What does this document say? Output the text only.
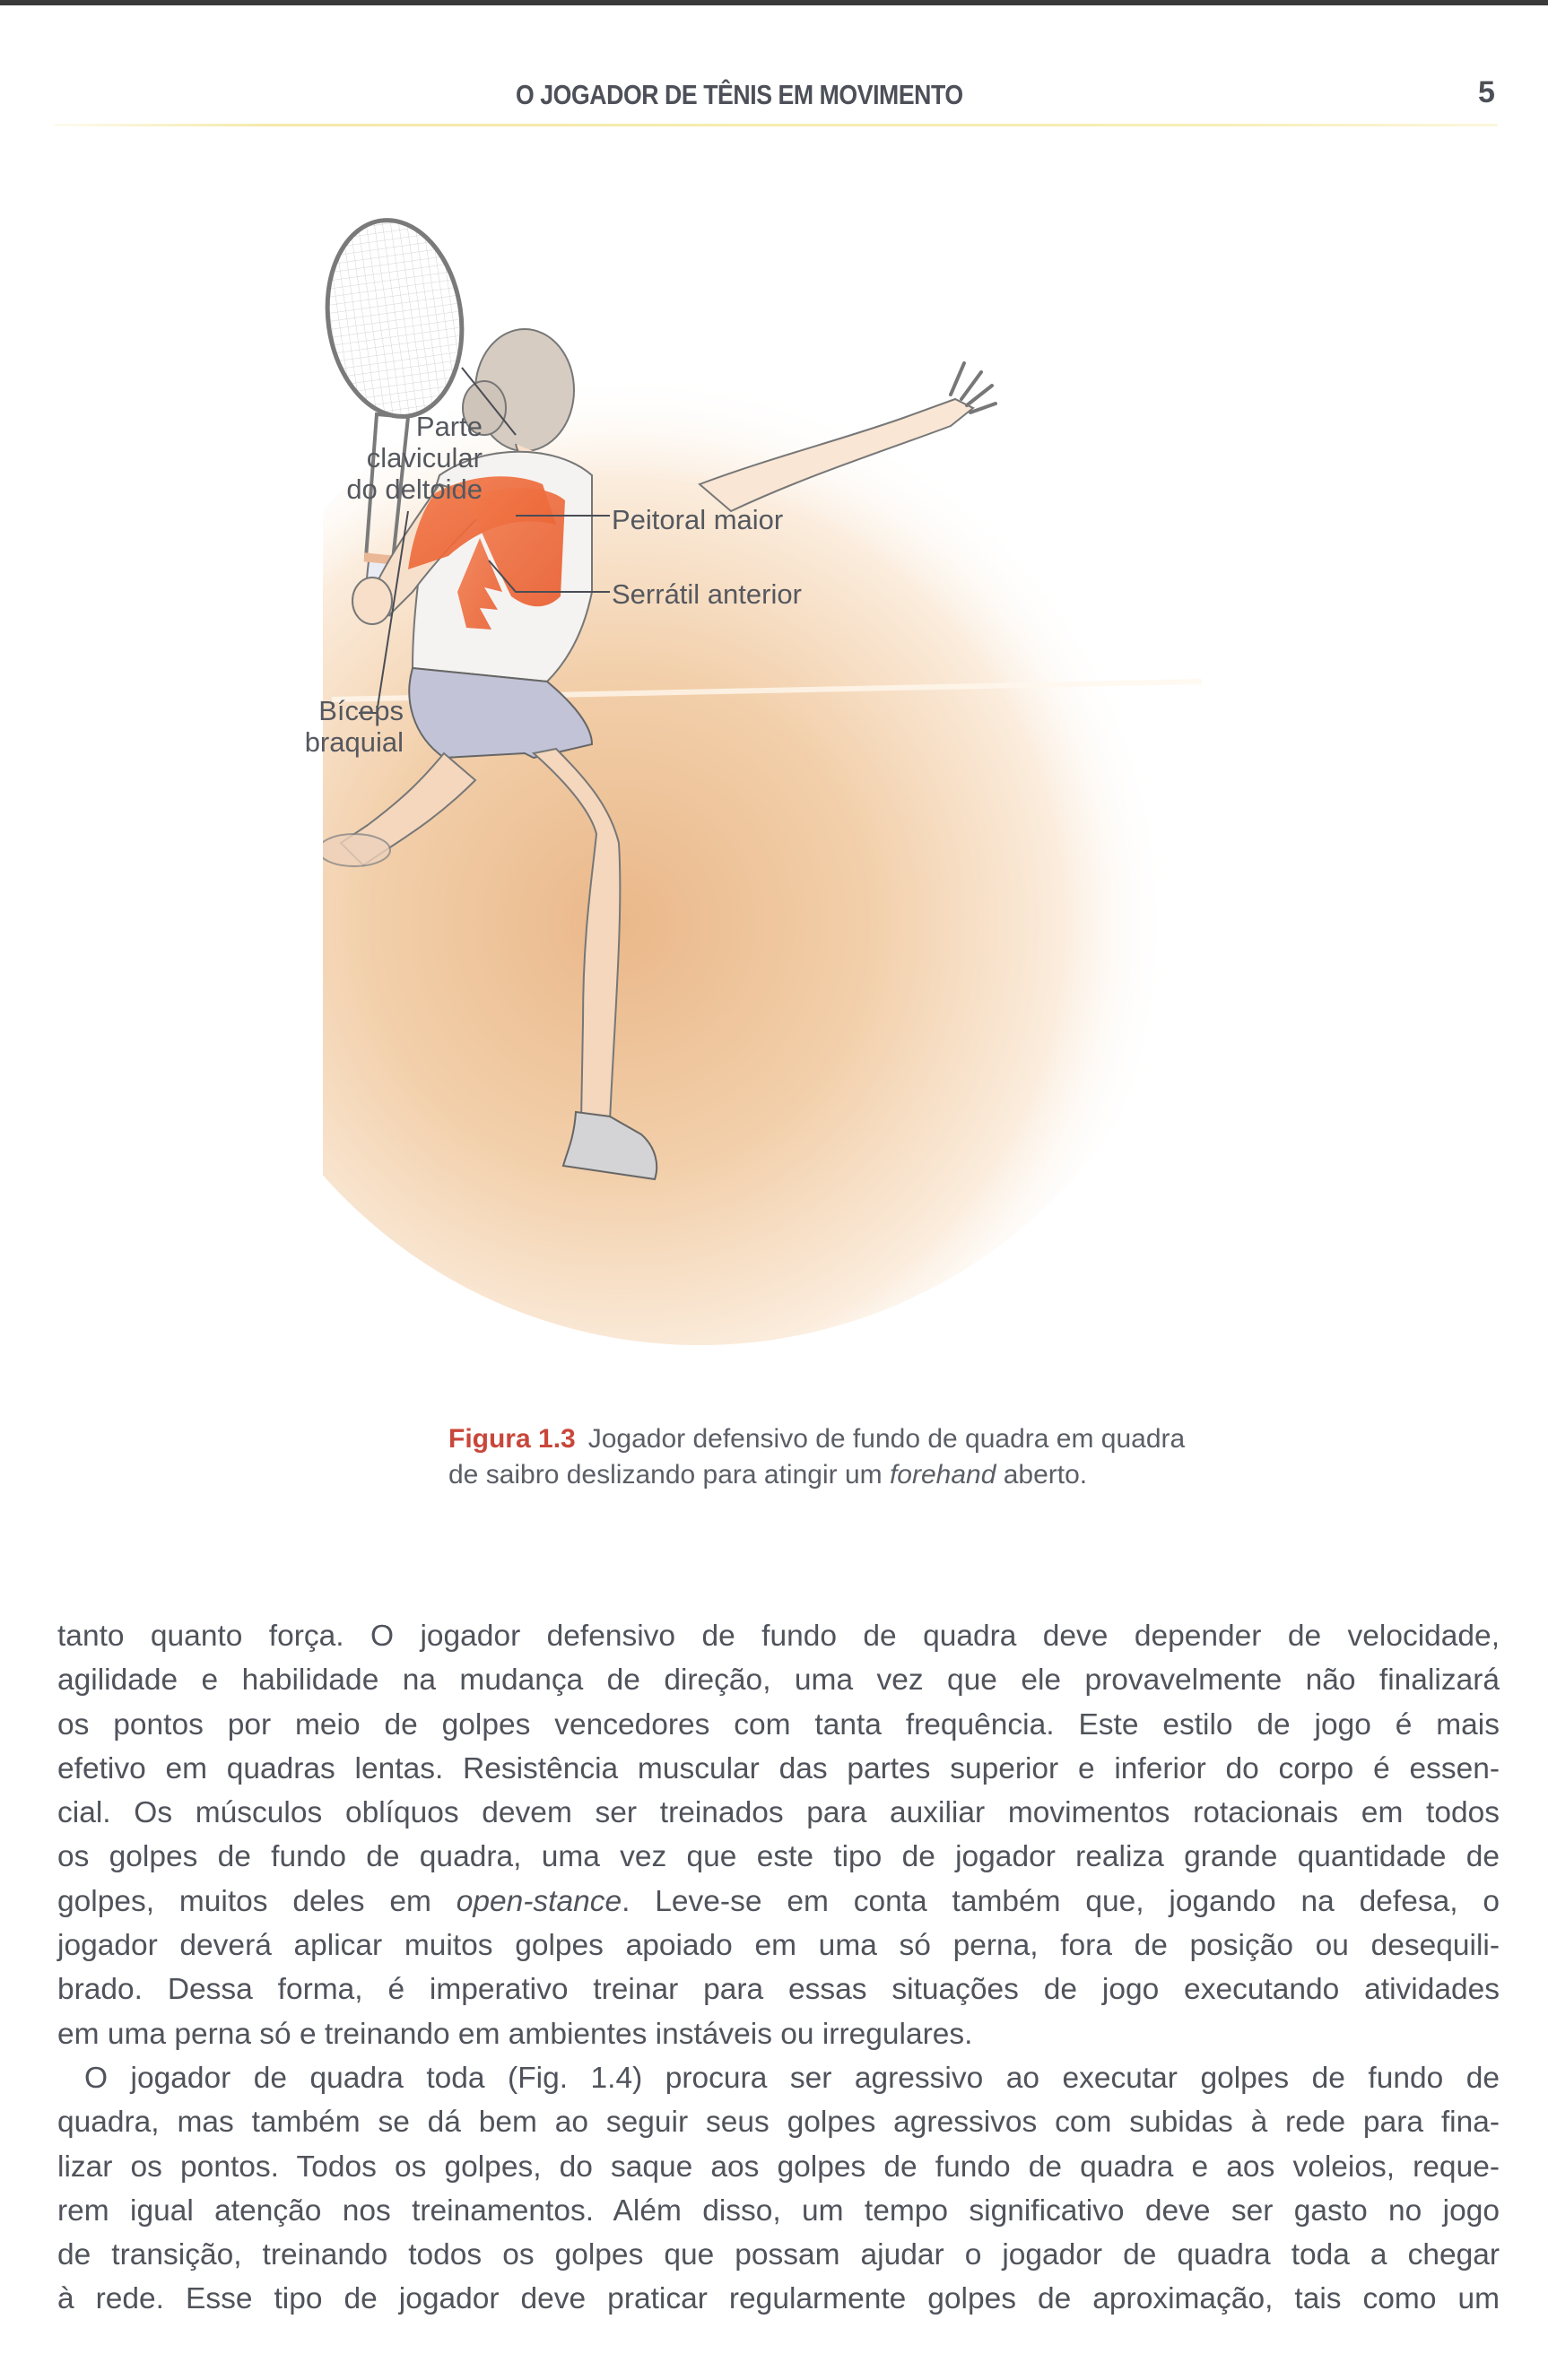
O JOGADOR DE TÊNIS EM MOVIMENTO	5
Parte
clavicular
do deltoide
Peitoral maior
Serrátil anterior
Bíceps
braquial
Figura 1.3 Jogador defensivo de fundo de quadra em quadra de saibro deslizando para atingir um forehand aberto.
tanto quanto força. O jogador defensivo de fundo de quadra deve depender de velocidade,
agilidade e habilidade na mudança de direção, uma vez que ele provavelmente não finalizará
os pontos por meio de golpes vencedores com tanta frequência. Este estilo de jogo é mais
efetivo em quadras lentas. Resistência muscular das partes superior e inferior do corpo é essen-
cial. Os músculos oblíquos devem ser treinados para auxiliar movimentos rotacionais em todos
os golpes de fundo de quadra, uma vez que este tipo de jogador realiza grande quantidade de
golpes, muitos deles em open-stance. Leve-se em conta também que, jogando na defesa, o
jogador deverá aplicar muitos golpes apoiado em uma só perna, fora de posição ou desequili-
brado. Dessa forma, é imperativo treinar para essas situações de jogo executando atividades
em uma perna só e treinando em ambientes instáveis ou irregulares.
O jogador de quadra toda (Fig. 1.4) procura ser agressivo ao executar golpes de fundo de
quadra, mas também se dá bem ao seguir seus golpes agressivos com subidas à rede para fina-
lizar os pontos. Todos os golpes, do saque aos golpes de fundo de quadra e aos voleios, reque-
rem igual atenção nos treinamentos. Além disso, um tempo significativo deve ser gasto no jogo
de transição, treinando todos os golpes que possam ajudar o jogador de quadra toda a chegar
à rede. Esse tipo de jogador deve praticar regularmente golpes de aproximação, tais como um
